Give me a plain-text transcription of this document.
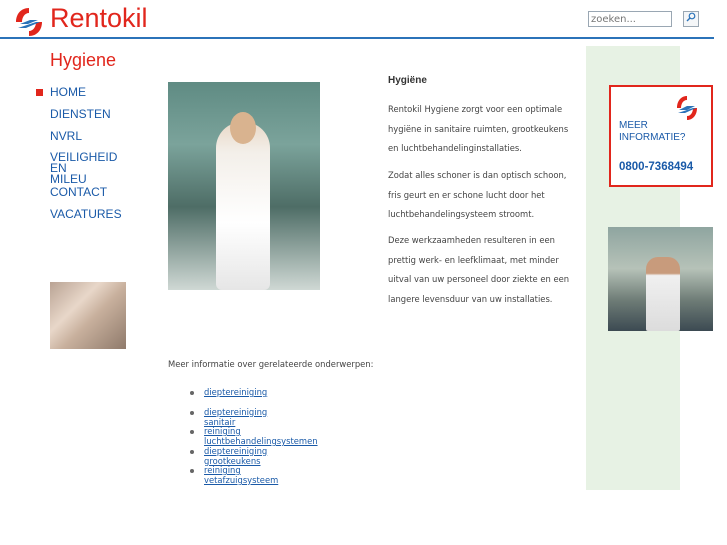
Rentokil
zoeken...
Hygiene
HOME
DIENSTEN
NVRL
VEILIGHEID EN MILEU
CONTACT
VACATURES
Hygiëne
Rentokil Hygiene zorgt voor een optimale hygiëne in sanitaire ruimten, grootkeukens en luchtbehandelinginstallaties.
Zodat alles schoner is dan optisch schoon, fris geurt en er schone lucht door het luchtbehandelingsysteem stroomt.
Deze werkzaamheden resulteren in een prettig werk- en leefklimaat, met minder uitval van uw personeel door ziekte en een langere levensduur van uw installaties.
Meer informatie over gerelateerde onderwerpen:
dieptereiniging
dieptereiniging sanitair
reiniging luchtbehandelingsystemen
dieptereiniging grootkeukens
reiniging vetafzuigsysteem
MEER INFORMATIE?
0800-7368494
